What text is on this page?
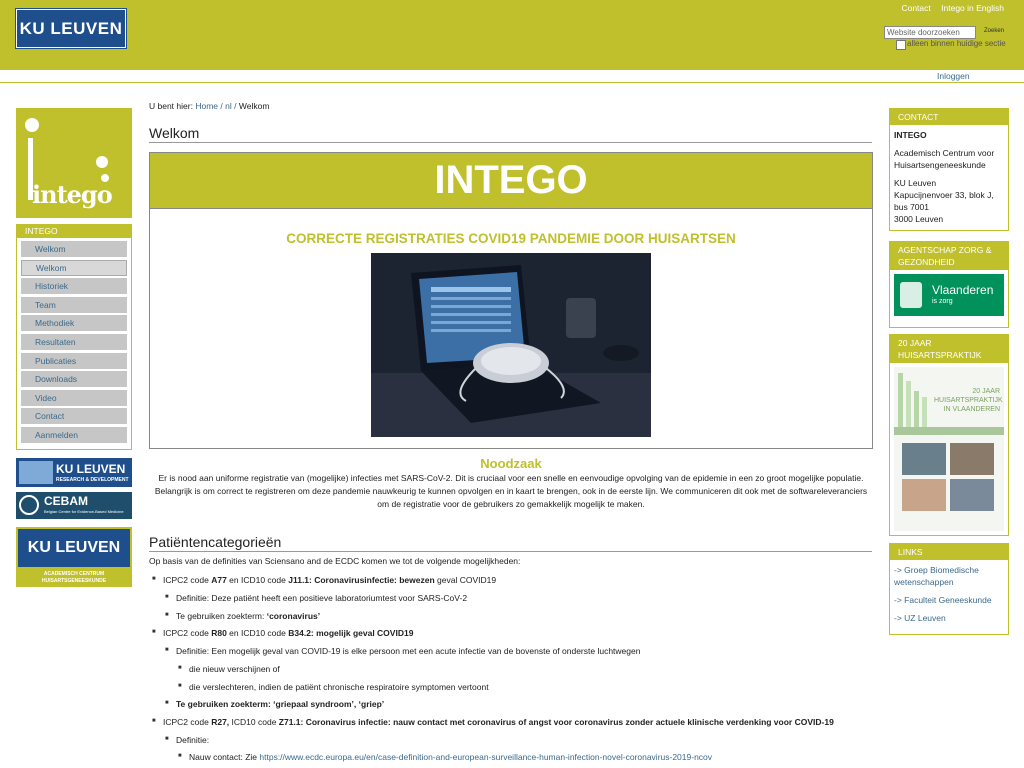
KU LEUVEN
Contact Intego in English
Website doorzoeken	Zoeken
alleen binnen huidige sectie
Inloggen
intego
INTEGO
Welkom
Welkom
Historiek
Team
Methodiek
Resultaten
Publicaties
Downloads
Video
Contact
Aanmelden
KU LEUVEN
RESEARCH & DEVELOPMENT
CEBAM
Belgian Centre for Evidence-Based Medicine
KU LEUVEN
ACADEMISCH CENTRUM HUISARTSGENEESKUNDE
U bent hier: Home / nl / Welkom
Welkom
INTEGO
CORRECTE REGISTRATIES COVID19 PANDEMIE DOOR HUISARTSEN
Noodzaak
Er is nood aan uniforme registratie van (mogelijke) infecties met SARS-CoV-2. Dit is cruciaal voor een snelle en eenvoudige opvolging van de epidemie in een zo groot mogelijke populatie.
Belangrijk is om correct te registreren om deze pandemie nauwkeurig te kunnen opvolgen en in kaart te brengen, ook in de eerste lijn. We communiceren dit ook met de softwareleveranciers om de registratie voor de gebruikers zo gemakkelijk mogelijk te maken.
Patiëntencategorieën
Op basis van de definities van Sciensano and de ECDC komen we tot de volgende mogelijkheden:
■ ICPC2 code A77 en ICD10 code J11.1: Coronavirusinfectie: bewezen geval COVID19
■ Definitie: Deze patiënt heeft een positieve laboratoriumtest voor SARS-CoV-2
■ Te gebruiken zoekterm: ‘coronavirus’
■ ICPC2 code R80 en ICD10 code B34.2: mogelijk geval COVID19
■ Definitie: Een mogelijk geval van COVID-19 is elke persoon met een acute infectie van de bovenste of onderste luchtwegen
■ die nieuw verschijnen of
■ die verslechteren, indien de patiënt chronische respiratoire symptomen vertoont
■ Te gebruiken zoekterm: ‘griepaal syndroom’, ‘griep’
■ ICPC2 code R27, ICD10 code Z71.1: Coronavirus infectie: nauw contact met coronavirus of angst voor coronavirus zonder actuele klinische verdenking voor COVID-19
■ Definitie:
■ Nauw contact: Zie https://www.ecdc.europa.eu/en/case-definition-and-european-surveillance-human-infection-novel-coronavirus-2019-ncov
CONTACT
INTEGO
Academisch Centrum voor Huisartsengeneeskunde
KU Leuven
Kapucijnenvoer 33, blok J, bus 7001
3000 Leuven
AGENTSCHAP ZORG & GEZONDHEID
Vlaanderen
is zorg
20 JAAR HUISARTSPRAKTIJK
20 JAAR HUISARTSPRAKTIJK IN VLAANDEREN
LINKS
-> Groep Biomedische wetenschappen
-> Faculteit Geneeskunde
-> UZ Leuven
